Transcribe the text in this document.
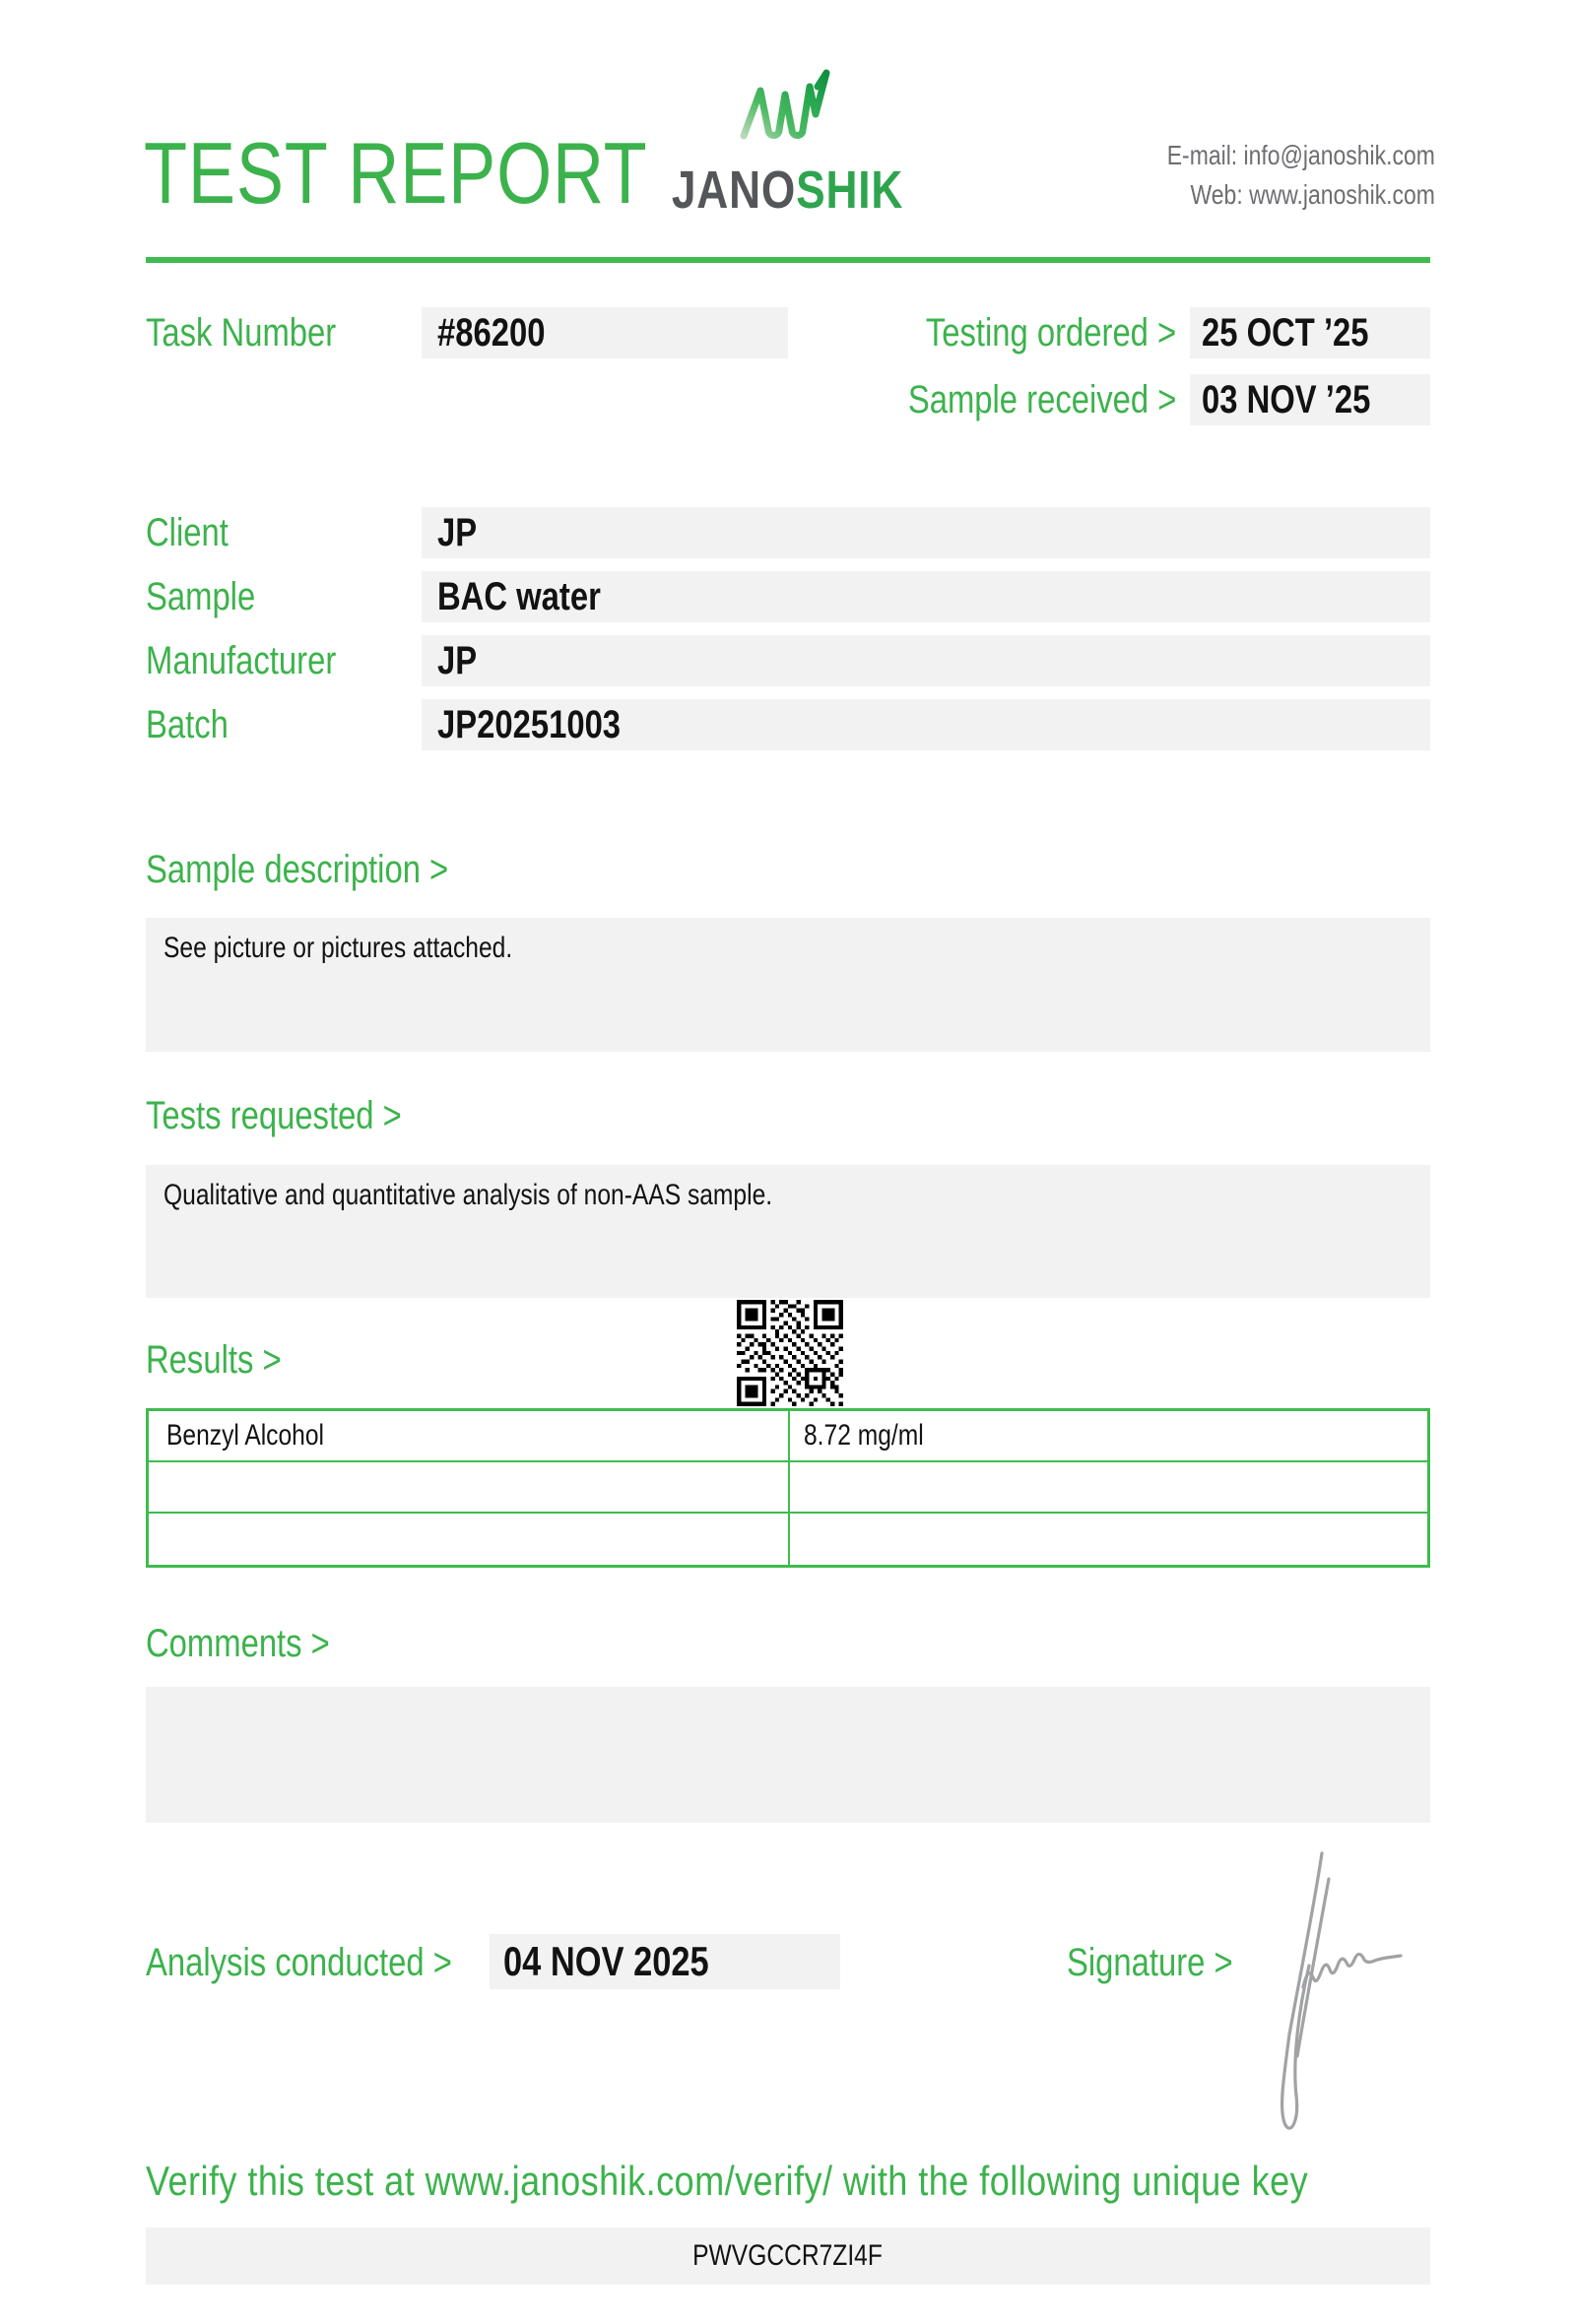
TEST REPORT JANOSHIK
E-mail: info@janoshik.com
Web: www.janoshik.com
Task Number	#86200	Testing ordered > 25 OCT ’25
Sample received > 03 NOV ’25
Client	JP
Sample	BAC water
Manufacturer	JP
Batch	JP20251003
Sample description >
See picture or pictures attached.
Tests requested >
Qualitative and quantitative analysis of non-AAS sample.
Results >
Benzyl Alcohol	8.72 mg/ml
Comments >
Analysis conducted >	04 NOV 2025	Signature >
Verify this test at www.janoshik.com/verify/ with the following unique key
PWVGCCR7ZI4F
